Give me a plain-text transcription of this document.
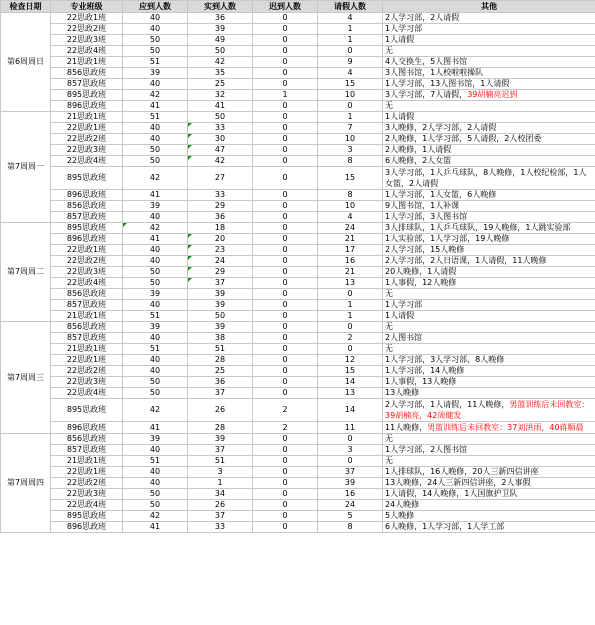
检查日期	专业班级	应到人数	实到人数	迟到人数	请假人数	其他
第6周周日	22思政1班	40	36	0	4	2人学习部，2人请假
	22思政2班	40	39	0	1	1人学习部
	22思政3班	50	49	0	1	1人请假
	22思政4班	50	50	0	0	无
	21思政1班	51	42	0	9	4人交换生，5人图书馆
	856思政班	39	35	0	4	3人图书馆，1人校啦啦操队
	857思政班	40	25	0	15	1人学习部，13人图书馆，1人请假
	895思政班	42	32	1	10	3人学习部，7人请假，39胡楠亮迟到
	896思政班	41	41	0	0	无
第7周周一	21思政1班	51	50	0	1	1人请假
	22思政1班	40	33	0	7	3人晚修，2人学习部，2人请假
	22思政2班	40	30	0	10	2人晚修，1人学习部，5人请假，2人校团委
	22思政3班	50	47	0	3	2人晚修，1人请假
	22思政4班	50	42	0	8	6人晚修，2人女篮
	895思政班	42	27	0	15	3人学习部，1人乒乓球队，8人晚修，1人校纪检部，1人女篮，2人请假
	896思政班	41	33	0	8	1人学习部，1人女篮，6人晚修
	856思政班	39	29	0	10	9人图书馆，1人补课
	857思政班	40	36	0	4	1人学习部，3人图书馆
第7周周二	895思政班	42	18	0	24	3人排球队，1人乒乓球队，19人晚修，1人跳实验部
	896思政班	41	20	0	21	1人实验部，1人学习部，19人晚修
	22思政1班	40	23	0	17	2人学习部，15人晚修
	22思政2班	40	24	0	16	2人学习部，2人日语课，1人请假，11人晚修
	22思政3班	50	29	0	21	20人晚修，1人请假
	22思政4班	50	37	0	13	1人事假，12人晚修
	856思政班	39	39	0	0	无
	857思政班	40	39	0	1	1人学习部
	21思政1班	51	50	0	1	1人请假
第7周周三	856思政班	39	39	0	0	无
	857思政班	40	38	0	2	2人图书馆
	21思政1班	51	51	0	0	无
	22思政1班	40	28	0	12	1人学习部，3人学习部，8人晚修
	22思政2班	40	25	0	15	1人学习部，14人晚修
	22思政3班	50	36	0	14	1人事假，13人晚修
	22思政4班	50	37	0	13	13人晚修
	895思政班	42	26	2	14	2人学习部，1人请假，11人晚修，男篮训练后未回教室：39胡楠亮，42周健发
	896思政班	41	28	2	11	11人晚修，男篮训练后未回教室：37刘洪雨，40蒋顺晨
第7周周四	856思政班	39	39	0	0	无
	857思政班	40	37	0	3	1人学习部，2人图书馆
	21思政1班	51	51	0	0	无
	22思政1班	40	3	0	37	1人排球队，16人晚修，20人三新四信讲座
	22思政2班	40	1	0	39	13人晚修，24人三新四信讲座，2人事假
	22思政3班	50	34	0	16	1人请假，14人晚修，1人国旗护卫队
	22思政4班	50	26	0	24	24人晚修
	895思政班	42	37	0	5	5人晚修
	896思政班	41	33	0	8	6人晚修，1人学习部，1人学工部
